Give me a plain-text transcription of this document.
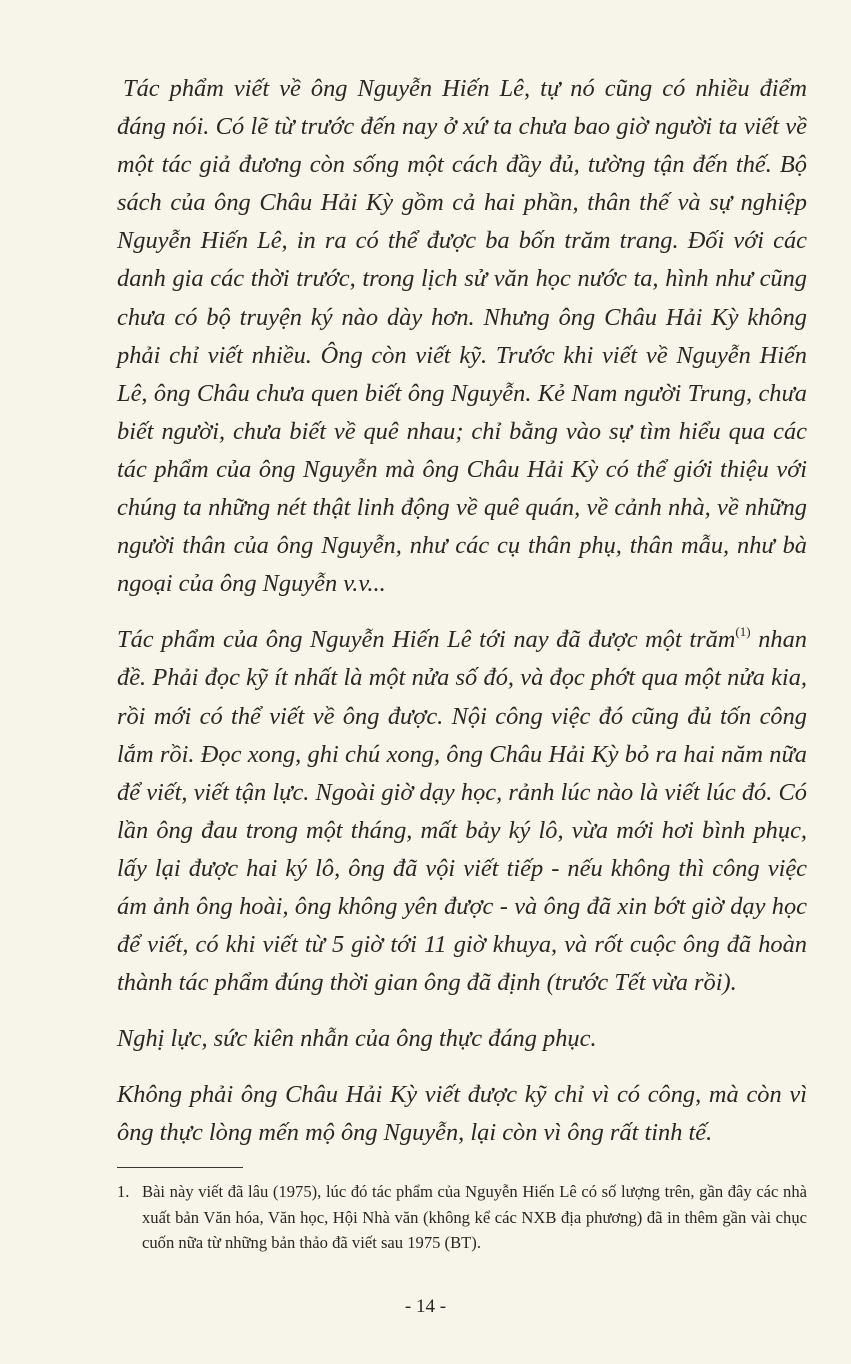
Tác phẩm viết về ông Nguyễn Hiến Lê, tự nó cũng có nhiều điểm đáng nói. Có lẽ từ trước đến nay ở xứ ta chưa bao giờ người ta viết về một tác giả đương còn sống một cách đầy đủ, tường tận đến thế. Bộ sách của ông Châu Hải Kỳ gồm cả hai phần, thân thế và sự nghiệp Nguyễn Hiến Lê, in ra có thể được ba bốn trăm trang. Đối với các danh gia các thời trước, trong lịch sử văn học nước ta, hình như cũng chưa có bộ truyện ký nào dày hơn. Nhưng ông Châu Hải Kỳ không phải chỉ viết nhiều. Ông còn viết kỹ. Trước khi viết về Nguyễn Hiến Lê, ông Châu chưa quen biết ông Nguyễn. Kẻ Nam người Trung, chưa biết người, chưa biết về quê nhau; chỉ bằng vào sự tìm hiểu qua các tác phẩm của ông Nguyễn mà ông Châu Hải Kỳ có thể giới thiệu với chúng ta những nét thật linh động về quê quán, về cảnh nhà, về những người thân của ông Nguyễn, như các cụ thân phụ, thân mẫu, như bà ngoại của ông Nguyễn v.v...

Tác phẩm của ông Nguyễn Hiến Lê tới nay đã được một trăm$^{(1)}$ nhan đề. Phải đọc kỹ ít nhất là một nửa số đó, và đọc phớt qua một nửa kia, rồi mới có thể viết về ông được. Nội công việc đó cũng đủ tốn công lắm rồi. Đọc xong, ghi chú xong, ông Châu Hải Kỳ bỏ ra hai năm nữa để viết, viết tận lực. Ngoài giờ dạy học, rảnh lúc nào là viết lúc đó. Có lần ông đau trong một tháng, mất bảy ký lô, vừa mới hơi bình phục, lấy lại được hai ký lô, ông đã vội viết tiếp - nếu không thì công việc ám ảnh ông hoài, ông không yên được - và ông đã xin bớt giờ dạy học để viết, có khi viết từ 5 giờ tới 11 giờ khuya, và rốt cuộc ông đã hoàn thành tác phẩm đúng thời gian ông đã định (trước Tết vừa rồi).

Nghị lực, sức kiên nhẫn của ông thực đáng phục.

Không phải ông Châu Hải Kỳ viết được kỹ chỉ vì có công, mà còn vì ông thực lòng mến mộ ông Nguyễn, lại còn vì ông rất tinh tế.

1. Bài này viết đã lâu (1975), lúc đó tác phẩm của Nguyễn Hiến Lê có số lượng trên, gần đây các nhà xuất bản Văn hóa, Văn học, Hội Nhà văn (không kể các NXB địa phương) đã in thêm gần vài chục cuốn nữa từ những bản thảo đã viết sau 1975 (BT).
- 14 -
